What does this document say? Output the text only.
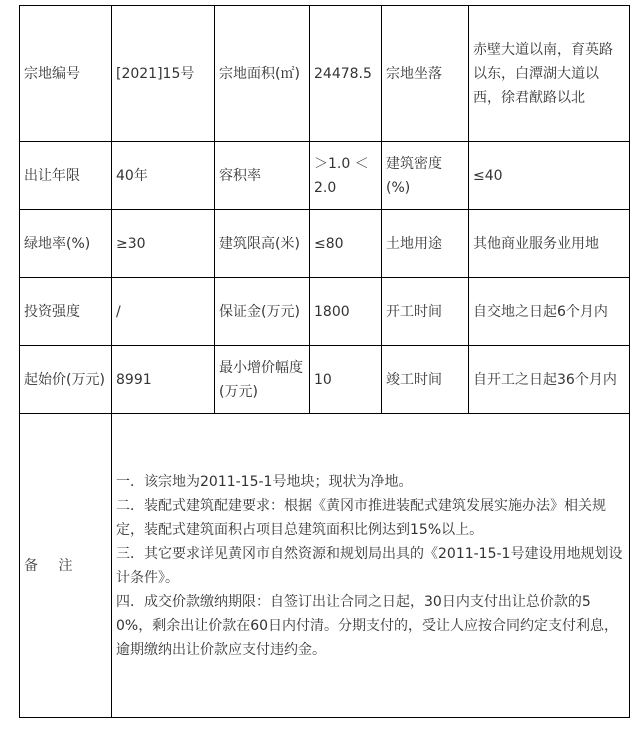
宗地编号	[2021]15号	宗地面积(㎡)	24478.5	宗地坐落	赤壁大道以南，育英路以东，白潭湖大道以西，徐君猷路以北
出让年限	40年	容积率	＞1.0 ＜2.0	建筑密度(%)	≤40
绿地率(%)	≥30	建筑限高(米)	≤80	土地用途	其他商业服务业用地
投资强度	/	保证金(万元)	1800	开工时间	自交地之日起6个月内
起始价(万元)	8991	最小增价幅度(万元)	10	竣工时间	自开工之日起36个月内
备 注	一．该宗地为2011-15-1号地块；现状为净地。
二．装配式建筑配建要求：根据《黄冈市推进装配式建筑发展实施办法》相关规定，装配式建筑面积占项目总建筑面积比例达到15%以上。
三．其它要求详见黄冈市自然资源和规划局出具的《2011-15-1号建设用地规划设计条件》。
四．成交价款缴纳期限：自签订出让合同之日起，30日内支付出让总价款的50%，剩余出让价款在60日内付清。分期支付的，受让人应按合同约定支付利息，逾期缴纳出让价款应支付违约金。				
